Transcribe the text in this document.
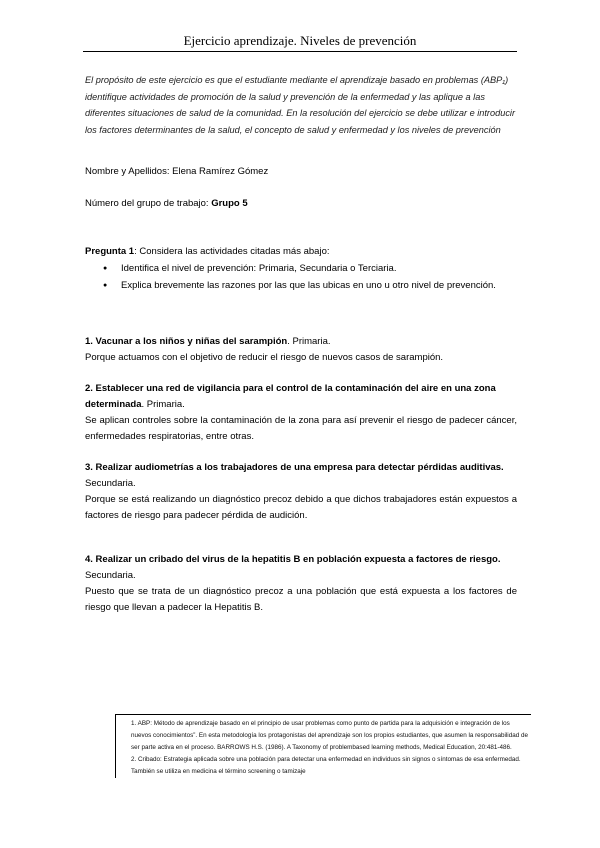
Ejercicio aprendizaje. Niveles de prevención
El propósito de este ejercicio es que el estudiante mediante el aprendizaje basado en problemas (ABP₁) identifique actividades de promoción de la salud y prevención de la enfermedad y las aplique a las diferentes situaciones de salud de la comunidad. En la resolución del ejercicio se debe utilizar e introducir los factores determinantes de la salud, el concepto de salud y enfermedad y los niveles de prevención
Nombre y Apellidos: Elena Ramírez Gómez
Número del grupo de trabajo: Grupo 5
Pregunta 1: Considera las actividades citadas más abajo:
● Identifica el nivel de prevención: Primaria, Secundaria o Terciaria.
● Explica brevemente las razones por las que las ubicas en uno u otro nivel de prevención.

1. Vacunar a los niños y niñas del sarampión. Primaria.

Porque actuamos con el objetivo de reducir el riesgo de nuevos casos de sarampión.

2. Establecer una red de vigilancia para el control de la contaminación del aire en una zona determinada. Primaria.

Se aplican controles sobre la contaminación de la zona para así prevenir el riesgo de padecer cáncer, enfermedades respiratorias, entre otras.

3. Realizar audiometrías a los trabajadores de una empresa para detectar pérdidas auditivas. Secundaria.

Porque se está realizando un diagnóstico precoz debido a que dichos trabajadores están expuestos a factores de riesgo para padecer pérdida de audición.

4. Realizar un cribado del virus de la hepatitis B en población expuesta a factores de riesgo. Secundaria.

Puesto que se trata de un diagnóstico precoz a una población que está expuesta a los factores de riesgo que llevan a padecer la Hepatitis B.

1. ABP: Método de aprendizaje basado en el principio de usar problemas como punto de partida para la adquisición e integración de los nuevos conocimientos”. En esta metodología los protagonistas del aprendizaje son los propios estudiantes, que asumen la responsabilidad de ser parte activa en el proceso. BARROWS H.S. (1986). A Taxonomy of problembased learning methods, Medical Education, 20:481-486.
2. Cribado: Estrategia aplicada sobre una población para detectar una enfermedad en individuos sin signos o síntomas de esa enfermedad. También se utiliza en medicina el término screening o tamizaje
